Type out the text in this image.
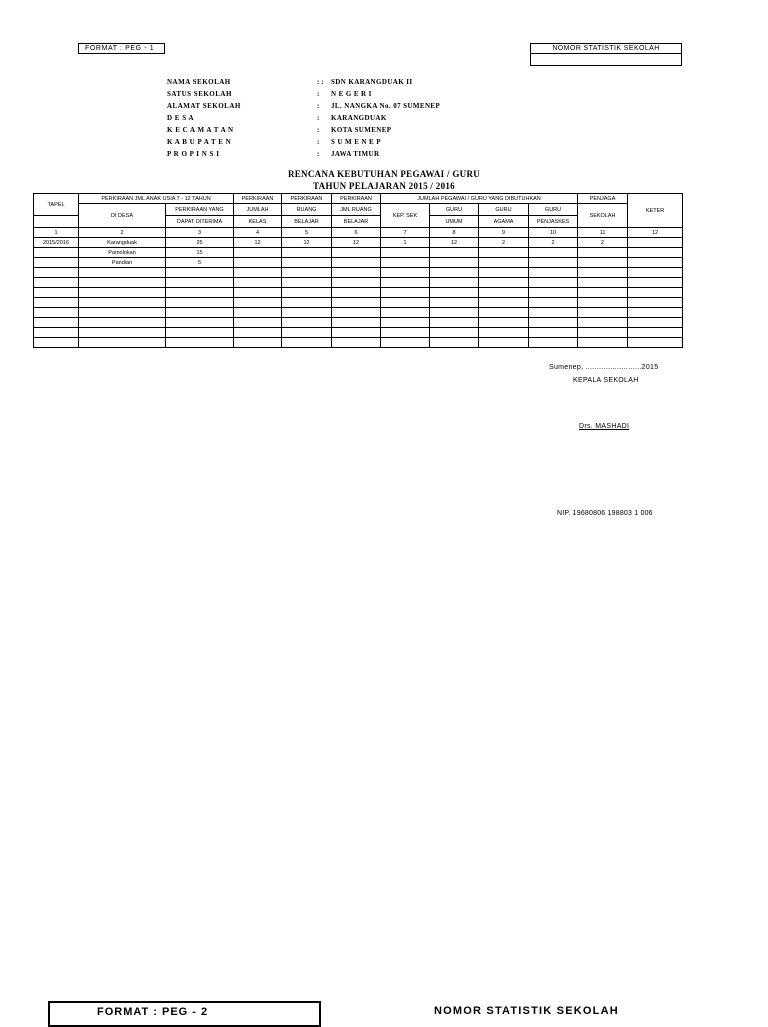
FORMAT : PEG - 1	NOMOR STATISTIK SEKOLAH
NAMA SEKOLAH	: : SDN KARANGDUAK II
SATUS SEKOLAH	: N E G E R I
ALAMAT SEKOLAH	: JL. NANGKA No. 07 SUMENEP
D E S A	: KARANGDUAK
K E C A M A T A N	: KOTA SUMENEP
K A B U P A T E N	: S U M E N E P
P R O P I N S I	: JAWA TIMUR
RENCANA KEBUTUHAN PEGAWAI / GURU
TAHUN PELAJARAN 2015 / 2016
TAPEL	PERKIRAAN JML ANAK USIA 7 - 12 TAHUN		PERKIRAAN	PERKIRAAN	PERKIRAAN	JUMLAH PEGAWAI / GURU YANG DIBUTUHKAN				PENJAGA	KETER
	DI DESA	PERKIRAAN YANG	JUMLAH	RUANG	JML RUANG	KEP. SEK	GURU	GURU	GURU	SEKOLAH	
		DAPAT DITERIMA	KELAS	BELAJAR	BELAJAR		UMUM	AGAMA	PENJASKES		
1	2	3	4	5	6	7	8	9	10	11	12
2015/2016	Karangduak	25	12	12	12	1	12	2	2	2	
	Pamolokan	15									
	Pandian	5									

Sumenep, .........................2015
KEPALA SEKOLAH
Drs. MASHADI
NIP. 19680806 198803 1 006
FORMAT : PEG - 2	NOMOR STATISTIK SEKOLAH
